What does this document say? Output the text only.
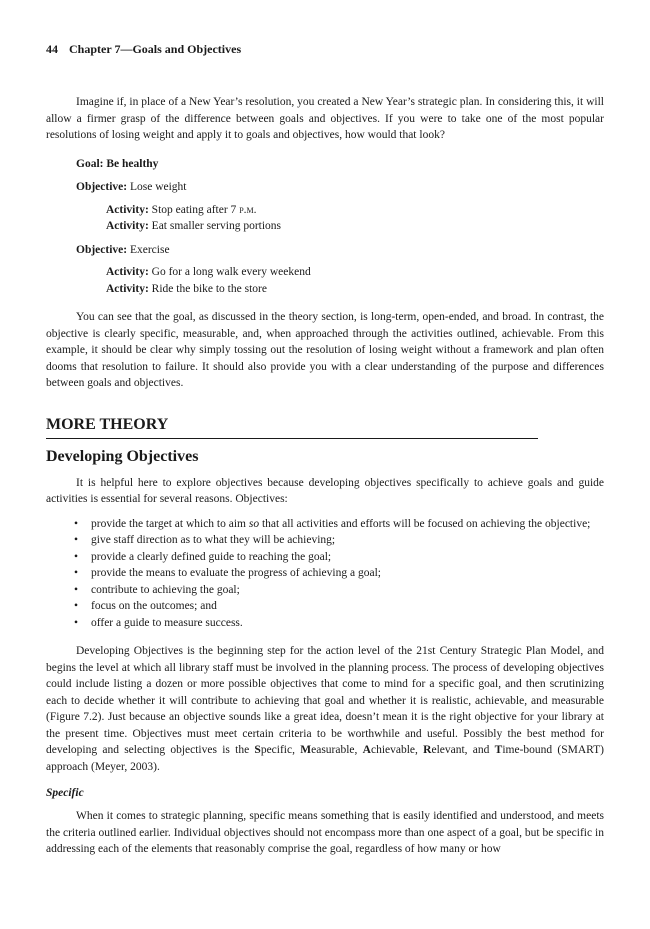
44 Chapter 7—Goals and Objectives

Imagine if, in place of a New Year’s resolution, you created a New Year’s strategic plan. In considering this, it will allow a firmer grasp of the difference between goals and objectives. If you were to take one of the most popular resolutions of losing weight and apply it to goals and objectives, how would that look?

Goal: Be healthy
Objective: Lose weight
Activity: Stop eating after 7 p.m.
Activity: Eat smaller serving portions
Objective: Exercise
Activity: Go for a long walk every weekend
Activity: Ride the bike to the store

You can see that the goal, as discussed in the theory section, is long-term, open-ended, and broad. In contrast, the objective is clearly specific, measurable, and, when approached through the activities outlined, achievable. From this example, it should be clear why simply tossing out the resolution of losing weight without a framework and plan often dooms that resolution to failure. It should also provide you with a clear understanding of the purpose and differences between goals and objectives.

MORE THEORY
Developing Objectives

It is helpful here to explore objectives because developing objectives specifically to achieve goals and guide activities is essential for several reasons. Objectives:

• provide the target at which to aim so that all activities and efforts will be focused on achieving the objective;
• give staff direction as to what they will be achieving;
• provide a clearly defined guide to reaching the goal;
• provide the means to evaluate the progress of achieving a goal;
• contribute to achieving the goal;
• focus on the outcomes; and
• offer a guide to measure success.

Developing Objectives is the beginning step for the action level of the 21st Century Strategic Plan Model, and begins the level at which all library staff must be involved in the planning process. The process of developing objectives could include listing a dozen or more possible objectives that come to mind for a specific goal, and then scrutinizing each to decide whether it will contribute to achieving that goal and whether it is realistic, achievable, and measurable (Figure 7.2). Just because an objective sounds like a great idea, doesn’t mean it is the right objective for your library at the present time. Objectives must meet certain criteria to be worthwhile and useful. Possibly the best method for developing and selecting objectives is the Specific, Measurable, Achievable, Relevant, and Time-bound (SMART) approach (Meyer, 2003).

Specific

When it comes to strategic planning, specific means something that is easily identified and understood, and meets the criteria outlined earlier. Individual objectives should not encompass more than one aspect of a goal, but be specific in addressing each of the elements that reasonably comprise the goal, regardless of how many or how
